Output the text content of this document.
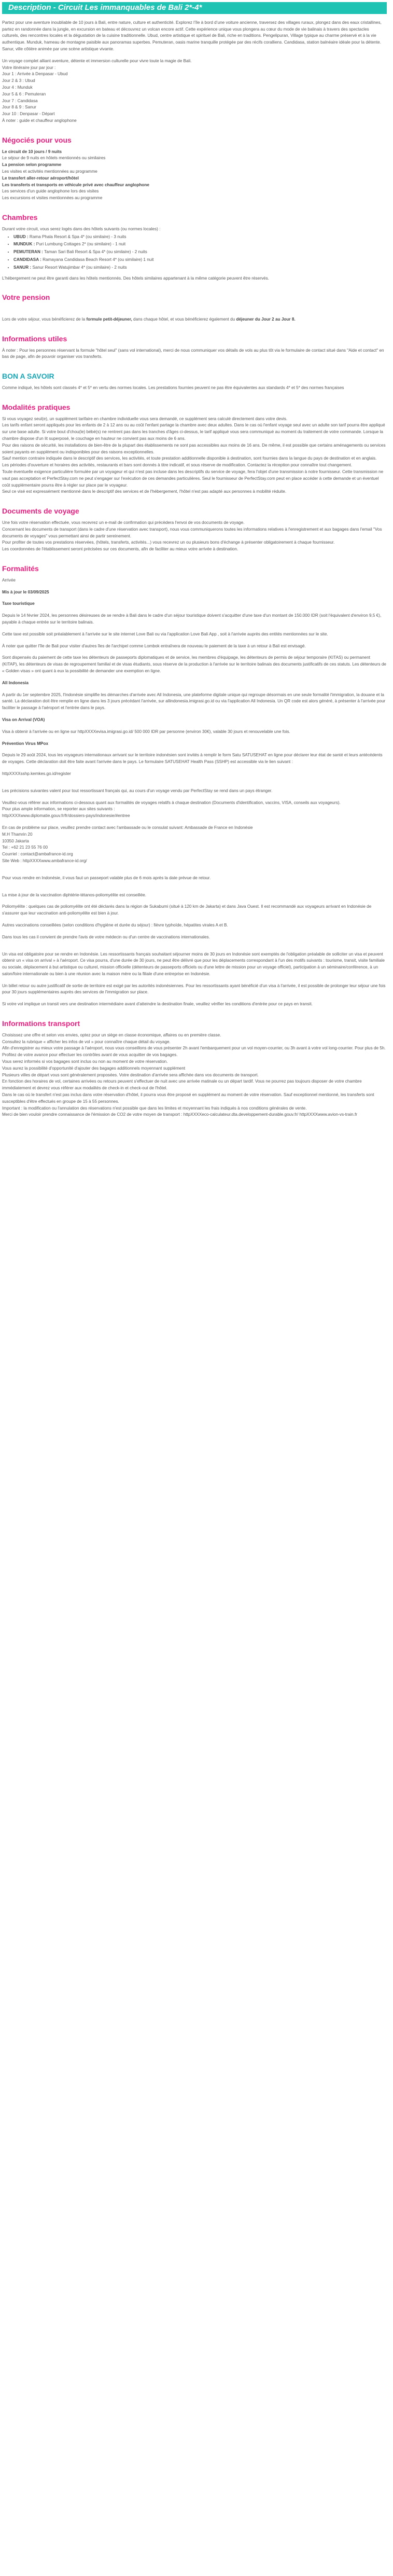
Description - Circuit Les immanquables de Bali 2*-4*

Partez pour une aventure inoubliable de 10 jours à Bali, entre nature, culture et authenticité. Explorez l’île à bord d’une voiture ancienne, traversez des villages ruraux, plongez dans des eaux cristallines, partez en randonnée dans la jungle, en excursion en bateau et découvrez un volcan encore actif. Cette expérience unique vous plongera au cœur du mode de vie balinais à travers des spectacles culturels, des rencontres locales et la dégustation de la cuisine traditionnelle. Ubud, centre artistique et spirituel de Bali, riche en traditions. Pengelipuran, Village typique au charme préservé et à la vie authentique. Munduk, hameau de montagne paisible aux panoramas superbes. Pemuteran, oasis marine tranquille protégée par des récifs coralliens. Candidasa, station balnéaire idéale pour la détente. Sanur, ville côtière animée par une scène artistique vivante.

Un voyage complet alliant aventure, détente et immersion culturelle pour vivre toute la magie de Bali.

Votre itinéraire jour par jour :

Jour 1 : Arrivée à Denpasar - Ubud
Jour 2 & 3 : Ubud
Jour 4 : Munduk
Jour 5 & 6 : Pemuteran
Jour 7 : Candidasa
Jour 8 & 9 : Sanur
Jour 10 : Denpasar - Départ
À noter : guide et chauffeur anglophone
Négociés pour vous
Le circuit de 10 jours / 9 nuits
Le séjour de 9 nuits en hôtels mentionnés ou similaires
La pension selon programme
Les visites et activités mentionnées au programme
Le transfert aller-retour aéroport/hôtel
Les transferts et transports en véhicule privé avec chauffeur anglophone
Les services d'un guide anglophone lors des visites
Les excursions et visites mentionnées au programme
Chambres

Durant votre circuit, vous serez logés dans des hôtels suivants (ou normes locales) :

• UBUD : Rama Phala Resort & Spa 4* (ou similaire) - 3 nuits
• MUNDUK : Puri Lumbung Cottages 2* (ou similaire) - 1 nuit
• PEMUTERAN : Taman Sari Bali Resort & Spa 4* (ou similaire) - 2 nuits
• CANDIDASA : Ramayana Candidasa Beach Resort 4* (ou similaire) 1 nuit
• SANUR : Sanur Resort Watujimbar 4* (ou similaire) - 2 nuits

L'hébergement ne peut être garanti dans les hôtels mentionnés. Des hôtels similaires appartenant à la même catégorie peuvent être réservés.

Votre pension

Lors de votre séjour, vous bénéficierez de la formule petit-déjeuner, dans chaque hôtel, et vous bénéficierez également du déjeuner du Jour 2 au Jour 8.

Informations utiles

À noter : Pour les personnes réservant la formule "hôtel seul" (sans vol international), merci de nous communiquer vos détails de vols au plus tôt via le formulaire de contact situé dans "Aide et contact" en bas de page, afin de pouvoir organiser vos transferts.

BON A SAVOIR

Comme indiqué, les hôtels sont classés 4* et 5* en vertu des normes locales. Les prestations fournies peuvent ne pas être équivalentes aux standards 4* et 5* des normes françaises

Modalités pratiques

Si vous voyagez seul(e), un supplément tarifaire en chambre individuelle vous sera demandé, ce supplément sera calculé directement dans votre devis.

Les tarifs enfant seront appliqués pour les enfants de 2 à 12 ans ou au coût l'enfant partage la chambre avec deux adultes. Dans le cas où l'enfant voyage seul avec un adulte son tarif pourra être appliqué sur une base adulte. Si votre bout d'chou(le) bébé(s) ne rentrent pas dans les tranches d'âges ci-dessus, le tarif appliqué vous sera communiqué au moment du traitement de votre commande. Lorsque la chambre dispose d'un lit superposé, le couchage en hauteur ne convient pas aux moins de 6 ans.

Pour des raisons de sécurité, les installations de bien-être de la plupart des établissements ne sont pas accessibles aux moins de 16 ans. De même, il est possible que certains aménagements ou services soient payants en supplément ou indisponibles pour des raisons exceptionnelles.

Sauf mention contraire indiquée dans le descriptif des services, les activités, et toute prestation additionnelle disponible à destination, sont fournies dans la langue du pays de destination et en anglais.

Les périodes d'ouverture et horaires des activités, restaurants et bars sont donnés à titre indicatif, et sous réserve de modification. Contactez la réception pour connaître tout changement.

Toute éventuelle exigence particulière formulée par un voyageur et qui n'est pas incluse dans les descriptifs du service de voyage, fera l'objet d'une transmission à notre fournisseur. Cette transmission ne vaut pas acceptation et PerfectStay.com ne peut s'engager sur l'exécution de ces demandes particulières. Seul le fournisseur de PerfectStay.com peut en place accéder à cette demande et un éventuel coût supplémentaire pourra être à régler sur place par le voyageur.

Seul ce visé est expressément mentionné dans le descriptif des services et de l'hébergement, l'hôtel n'est pas adapté aux personnes à mobilité réduite.

Documents de voyage

Une fois votre réservation effectuée, vous recevrez un e-mail de confirmation qui précèdera l'envoi de vos documents de voyage.

Concernant les documents de transport (dans le cadre d'une réservation avec transport), nous vous communiquerons toutes les informations relatives à l'enregistrement et aux bagages dans l'email "Vos documents de voyages" vous permettant ainsi de partir sereinement.

Pour profiter de toutes vos prestations réservées, (hôtels, transferts, activités...) vous recevrez un ou plusieurs bons d'échange à présenter obligatoirement à chaque fournisseur.

Les coordonnées de l'établissement seront précisées sur ces documents, afin de faciliter au mieux votre arrivée à destination.

Formalités

Arrivée

Mis à jour le 03/09/2025

Taxe touristique

Depuis le 14 février 2024, les personnes désireuses de se rendre à Bali dans le cadre d'un séjour touristique doivent s'acquitter d'une taxe d'un montant de 150.000 IDR (soit l'équivalent d'environ 9,5 €), payable à chaque entrée sur le territoire balinais.

Cette taxe est possible soit préalablement à l'arrivée sur le site internet Love Bali ou via l'application Love Bali App , soit à l'arrivée auprès des entités mentionnées sur le site.

À noter que quitter l'île de Bali pour visiter d'autres îles de l'archipel comme Lombok entraînera de nouveau le paiement de la taxe à un retour à Bali est envisagé.

Sont dispensés du paiement de cette taxe les détenteurs de passeports diplomatiques et de service, les membres d'équipage, les détenteurs de permis de séjour temporaire (KITAS) ou permanent (KITAP), les détenteurs de visas de regroupement familial et de visas étudiants, sous réserve de la production à l'arrivée sur le territoire balinais des documents justificatifs de ces statuts. Les détenteurs de « Golden visas » ont quant à eux la possibilité de demander une exemption en ligne.

All Indonesia

A partir du 1er septembre 2025, l'Indonésie simplifie les démarches d'arrivée avec All Indonesia, une plateforme digitale unique qui regroupe désormais en une seule formalité l'immigration, la douane et la santé. La déclaration doit être remplie en ligne dans les 3 jours précédant l'arrivée, sur allindonesia.imigrasi.go.id ou via l'application All Indonesia. Un QR code est alors généré, à présenter à l'arrivée pour faciliter le passage à l'aéroport et l'entrée dans le pays.

Visa on Arrival (VOA)

Visa à obtenir à l'arrivée ou en ligne sur httpXXXXevisa.imigrasi.go.id/ 500 000 IDR par personne (environ 30€), valable 30 jours et renouvelable une fois.

Prévention Virus MPox

Depuis le 29 août 2024, tous les voyageurs internationaux arrivant sur le territoire indonésien sont invités à remplir le form Satu SATUSEHAT en ligne pour déclarer leur état de santé et leurs antécédents de voyages. Cette déclaration doit être faite avant l'arrivée dans le pays. Le formulaire SATUSEHAT Health Pass (SSHP) est accessible via le lien suivant :

httpXXXXsshp.kemkes.go.id/register

Les précisions suivantes valent pour tout ressortissant français qui, au cours d'un voyage vendu par PerfectStay se rend dans un pays étranger.

Veuillez-vous référer aux informations ci-dessous quant aux formalités de voyages relatifs à chaque destination (Documents d'identification, vaccins, VISA, conseils aux voyageurs).
Pour plus ample information, se reporter aux sites suivants :
httpXXXXwww.diplomatie.gouv.fr/fr/dossiers-pays/indonesie/#entree

En cas de problème sur place, veuillez prendre contact avec l'ambassade ou le consulat suivant: Ambassade de France en Indonésie

M.H Thamrin 20
10350 Jakarta
Tel : +62 21 23 55 76 00
Courriel : contact@ambafrance-id.org
Site Web : httpXXXXwww.ambafrance-id.org/

Pour vous rendre en Indonésie, il vous faut un passeport valable plus de 6 mois après la date prévue de retour.

La mise à jour de la vaccination diphtérie-tétanos-poliomyélite est conseillée.

Poliomyélite : quelques cas de poliomyélite ont été déclarés dans la région de Sukabumi (situé à 120 km de Jakarta) et dans Java Ouest. Il est recommandé aux voyageurs arrivant en Indonésie de s'assurer que leur vaccination anti-poliomyélite est bien à jour.

Autres vaccinations conseillées (selon conditions d'hygiène et durée du séjour) : fièvre typhoïde, hépatites virales A et B.

Dans tous les cas il convient de prendre l'avis de votre médecin ou d'un centre de vaccinations internationales.

Un visa est obligatoire pour se rendre en Indonésie. Les ressortissants français souhaitant séjourner moins de 30 jours en Indonésie sont exemptés de l'obligation préalable de solliciter un visa et peuvent obtenir un « visa on arrival » à l'aéroport. Ce visa pourra, d'une durée de 30 jours, ne peut être délivré que pour les déplacements correspondant à l'un des motifs suivants : tourisme, transit, visite familiale ou sociale, déplacement à but artistique ou culturel, mission officielle (détenteurs de passeports officiels ou d'une lettre de mission pour un voyage officiel), participation à un séminaire/conférence, à un salon/foire internationale ou bien à une réunion avec la maison mère ou la filiale d'une entreprise en Indonésie.

Un billet retour ou autre justificatif de sortie de territoire est exigé par les autorités indonésiennes. Pour les ressortissants ayant bénéficié d'un visa à l'arrivée, il est possible de prolonger leur séjour une fois pour 30 jours supplémentaires auprès des services de l'immigration sur place.

Si votre vol implique un transit vers une destination intermédiaire avant d'atteindre la destination finale, veuillez vérifier les conditions d'entrée pour ce pays en transit.

Informations transport

Choisissez une offre et selon vos envies, optez pour un siège en classe économique, affaires ou en première classe.

Consultez la rubrique « afficher les infos de vol » pour connaître chaque détail du voyage.

Afin d'enregistrer au mieux votre passage à l'aéroport, nous vous conseillons de vous présenter 2h avant l'embarquement pour un vol moyen-courrier, ou 3h avant à votre vol long-courrier. Pour plus de 5h. Profitez de votre avance pour effectuer les contrôles avant de vous acquitter de vos bagages.

Vous serez informés si vos bagages sont inclus ou non au moment de votre réservation.

Vous aurez la possibilité d'opportunité d'ajouter des bagages additionnels moyennant supplément

Plusieurs villes de départ vous sont généralement proposées. Votre destination d'arrivée sera affichée dans vos documents de transport.

En fonction des horaires de vol, certaines arrivées ou retours peuvent s'effectuer de nuit avec une arrivée matinale ou un départ tardif. Vous ne pourrez pas toujours disposer de votre chambre immédiatement et devrez vous référer aux modalités de check-in et check-out de l'hôtel.

Dans le cas où le transfert n'est pas inclus dans votre réservation d'hôtel, il pourra vous être proposé en supplément au moment de votre réservation. Sauf exceptionnel mentionné, les transferts sont susceptibles d'être effectués en groupe de 15 à 55 personnes.

Important : la modification ou l'annulation des réservations n'est possible que dans les limites et moyennant les frais indiqués à nos conditions générales de vente.

Merci de bien vouloir prendre connaissance de l'émission de CO2 de votre moyen de transport : httpXXXXeco-calculateur.dta.developpement-durable.gouv.fr/ httpXXXXwww.avion-vs-train.fr
